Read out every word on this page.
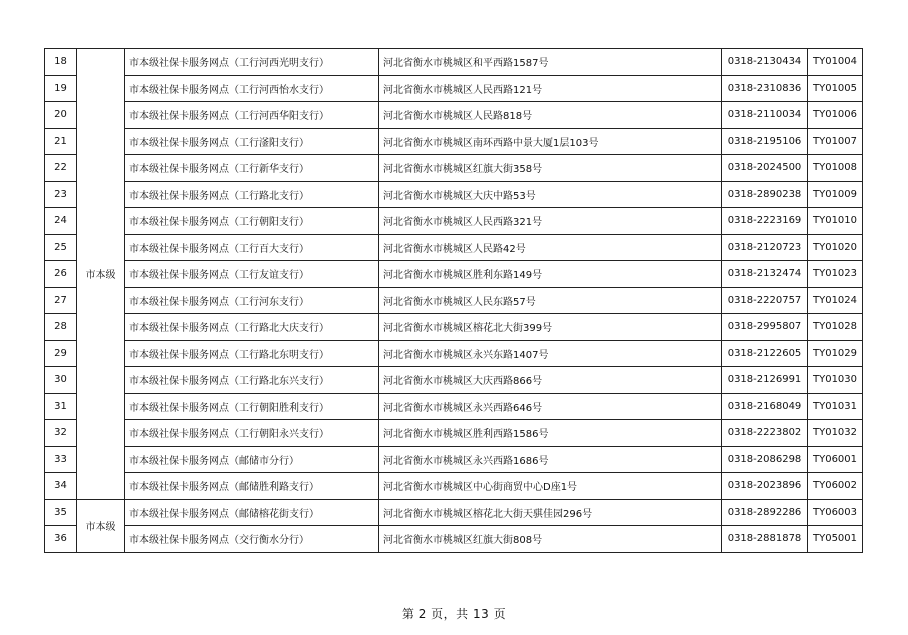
18	市本级	市本级社保卡服务网点（工行河西光明支行）	河北省衡水市桃城区和平西路1587号	0318-2130434	TY01004
19		市本级社保卡服务网点（工行河西怡水支行）	河北省衡水市桃城区人民西路121号	0318-2310836	TY01005
20		市本级社保卡服务网点（工行河西华阳支行）	河北省衡水市桃城区人民路818号	0318-2110034	TY01006
21		市本级社保卡服务网点（工行滏阳支行）	河北省衡水市桃城区南环西路中景大厦1层103号	0318-2195106	TY01007
22		市本级社保卡服务网点（工行新华支行）	河北省衡水市桃城区红旗大街358号	0318-2024500	TY01008
23		市本级社保卡服务网点（工行路北支行）	河北省衡水市桃城区大庆中路53号	0318-2890238	TY01009
24		市本级社保卡服务网点（工行朝阳支行）	河北省衡水市桃城区人民西路321号	0318-2223169	TY01010
25		市本级社保卡服务网点（工行百大支行）	河北省衡水市桃城区人民路42号	0318-2120723	TY01020
26		市本级社保卡服务网点（工行友谊支行）	河北省衡水市桃城区胜利东路149号	0318-2132474	TY01023
27		市本级社保卡服务网点（工行河东支行）	河北省衡水市桃城区人民东路57号	0318-2220757	TY01024
28		市本级社保卡服务网点（工行路北大庆支行）	河北省衡水市桃城区榕花北大街399号	0318-2995807	TY01028
29		市本级社保卡服务网点（工行路北东明支行）	河北省衡水市桃城区永兴东路1407号	0318-2122605	TY01029
30		市本级社保卡服务网点（工行路北东兴支行）	河北省衡水市桃城区大庆西路866号	0318-2126991	TY01030
31		市本级社保卡服务网点（工行朝阳胜利支行）	河北省衡水市桃城区永兴西路646号	0318-2168049	TY01031
32		市本级社保卡服务网点（工行朝阳永兴支行）	河北省衡水市桃城区胜利西路1586号	0318-2223802	TY01032
33		市本级社保卡服务网点（邮储市分行）	河北省衡水市桃城区永兴西路1686号	0318-2086298	TY06001
34		市本级社保卡服务网点（邮储胜利路支行）	河北省衡水市桃城区中心街商贸中心D座1号	0318-2023896	TY06002
35	市本级	市本级社保卡服务网点（邮储榕花街支行）	河北省衡水市桃城区榕花北大街天骐佳园296号	0318-2892286	TY06003
36		市本级社保卡服务网点（交行衡水分行）	河北省衡水市桃城区红旗大街808号	0318-2881878	TY05001
第 2 页，共 13 页
